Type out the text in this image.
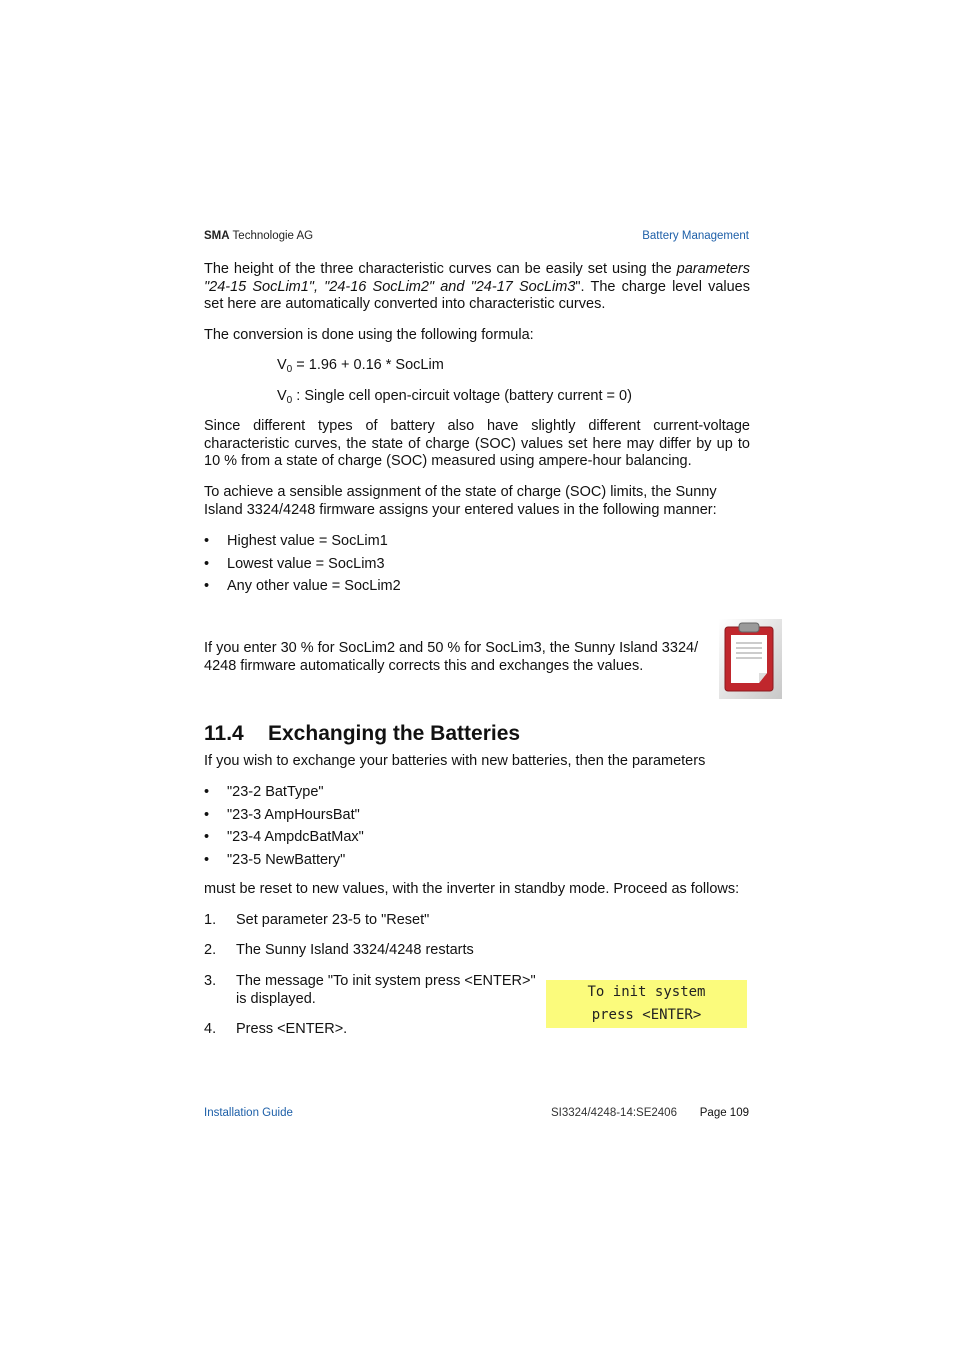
SMA Technologie AG	Battery Management
The height of the three characteristic curves can be easily set using the parameters "24-15 SocLim1", "24-16 SocLim2" and "24-17 SocLim3". The charge level values set here are automatically converted into characteristic curves.
The conversion is done using the following formula:
$V_0 = 1.96 + 0.16$ * SocLim
$V_0$ : Single cell open-circuit voltage (battery current = 0)
Since different types of battery also have slightly different current-voltage characteristic curves, the state of charge (SOC) values set here may differ by up to 10 % from a state of charge (SOC) measured using ampere-hour balancing.
To achieve a sensible assignment of the state of charge (SOC) limits, the Sunny Island 3324/4248 firmware assigns your entered values in the following manner:
• Highest value = SocLim1
• Lowest value = SocLim3
• Any other value = SocLim2
If you enter 30 % for SocLim2 and 50 % for SocLim3, the Sunny Island 3324/ 4248 firmware automatically corrects this and exchanges the values.
11.4 Exchanging the Batteries
If you wish to exchange your batteries with new batteries, then the parameters
• "23-2 BatType"
• "23-3 AmpHoursBat"
• "23-4 AmpdcBatMax"
• "23-5 NewBattery"
must be reset to new values, with the inverter in standby mode. Proceed as follows:
1. Set parameter 23-5 to "Reset"
2. The Sunny Island 3324/4248 restarts
3. The message "To init system press <ENTER>" is displayed.
4. Press <ENTER>.
To init system
press <ENTER>
Installation Guide	SI3324/4248-14:SE2406 Page 109
